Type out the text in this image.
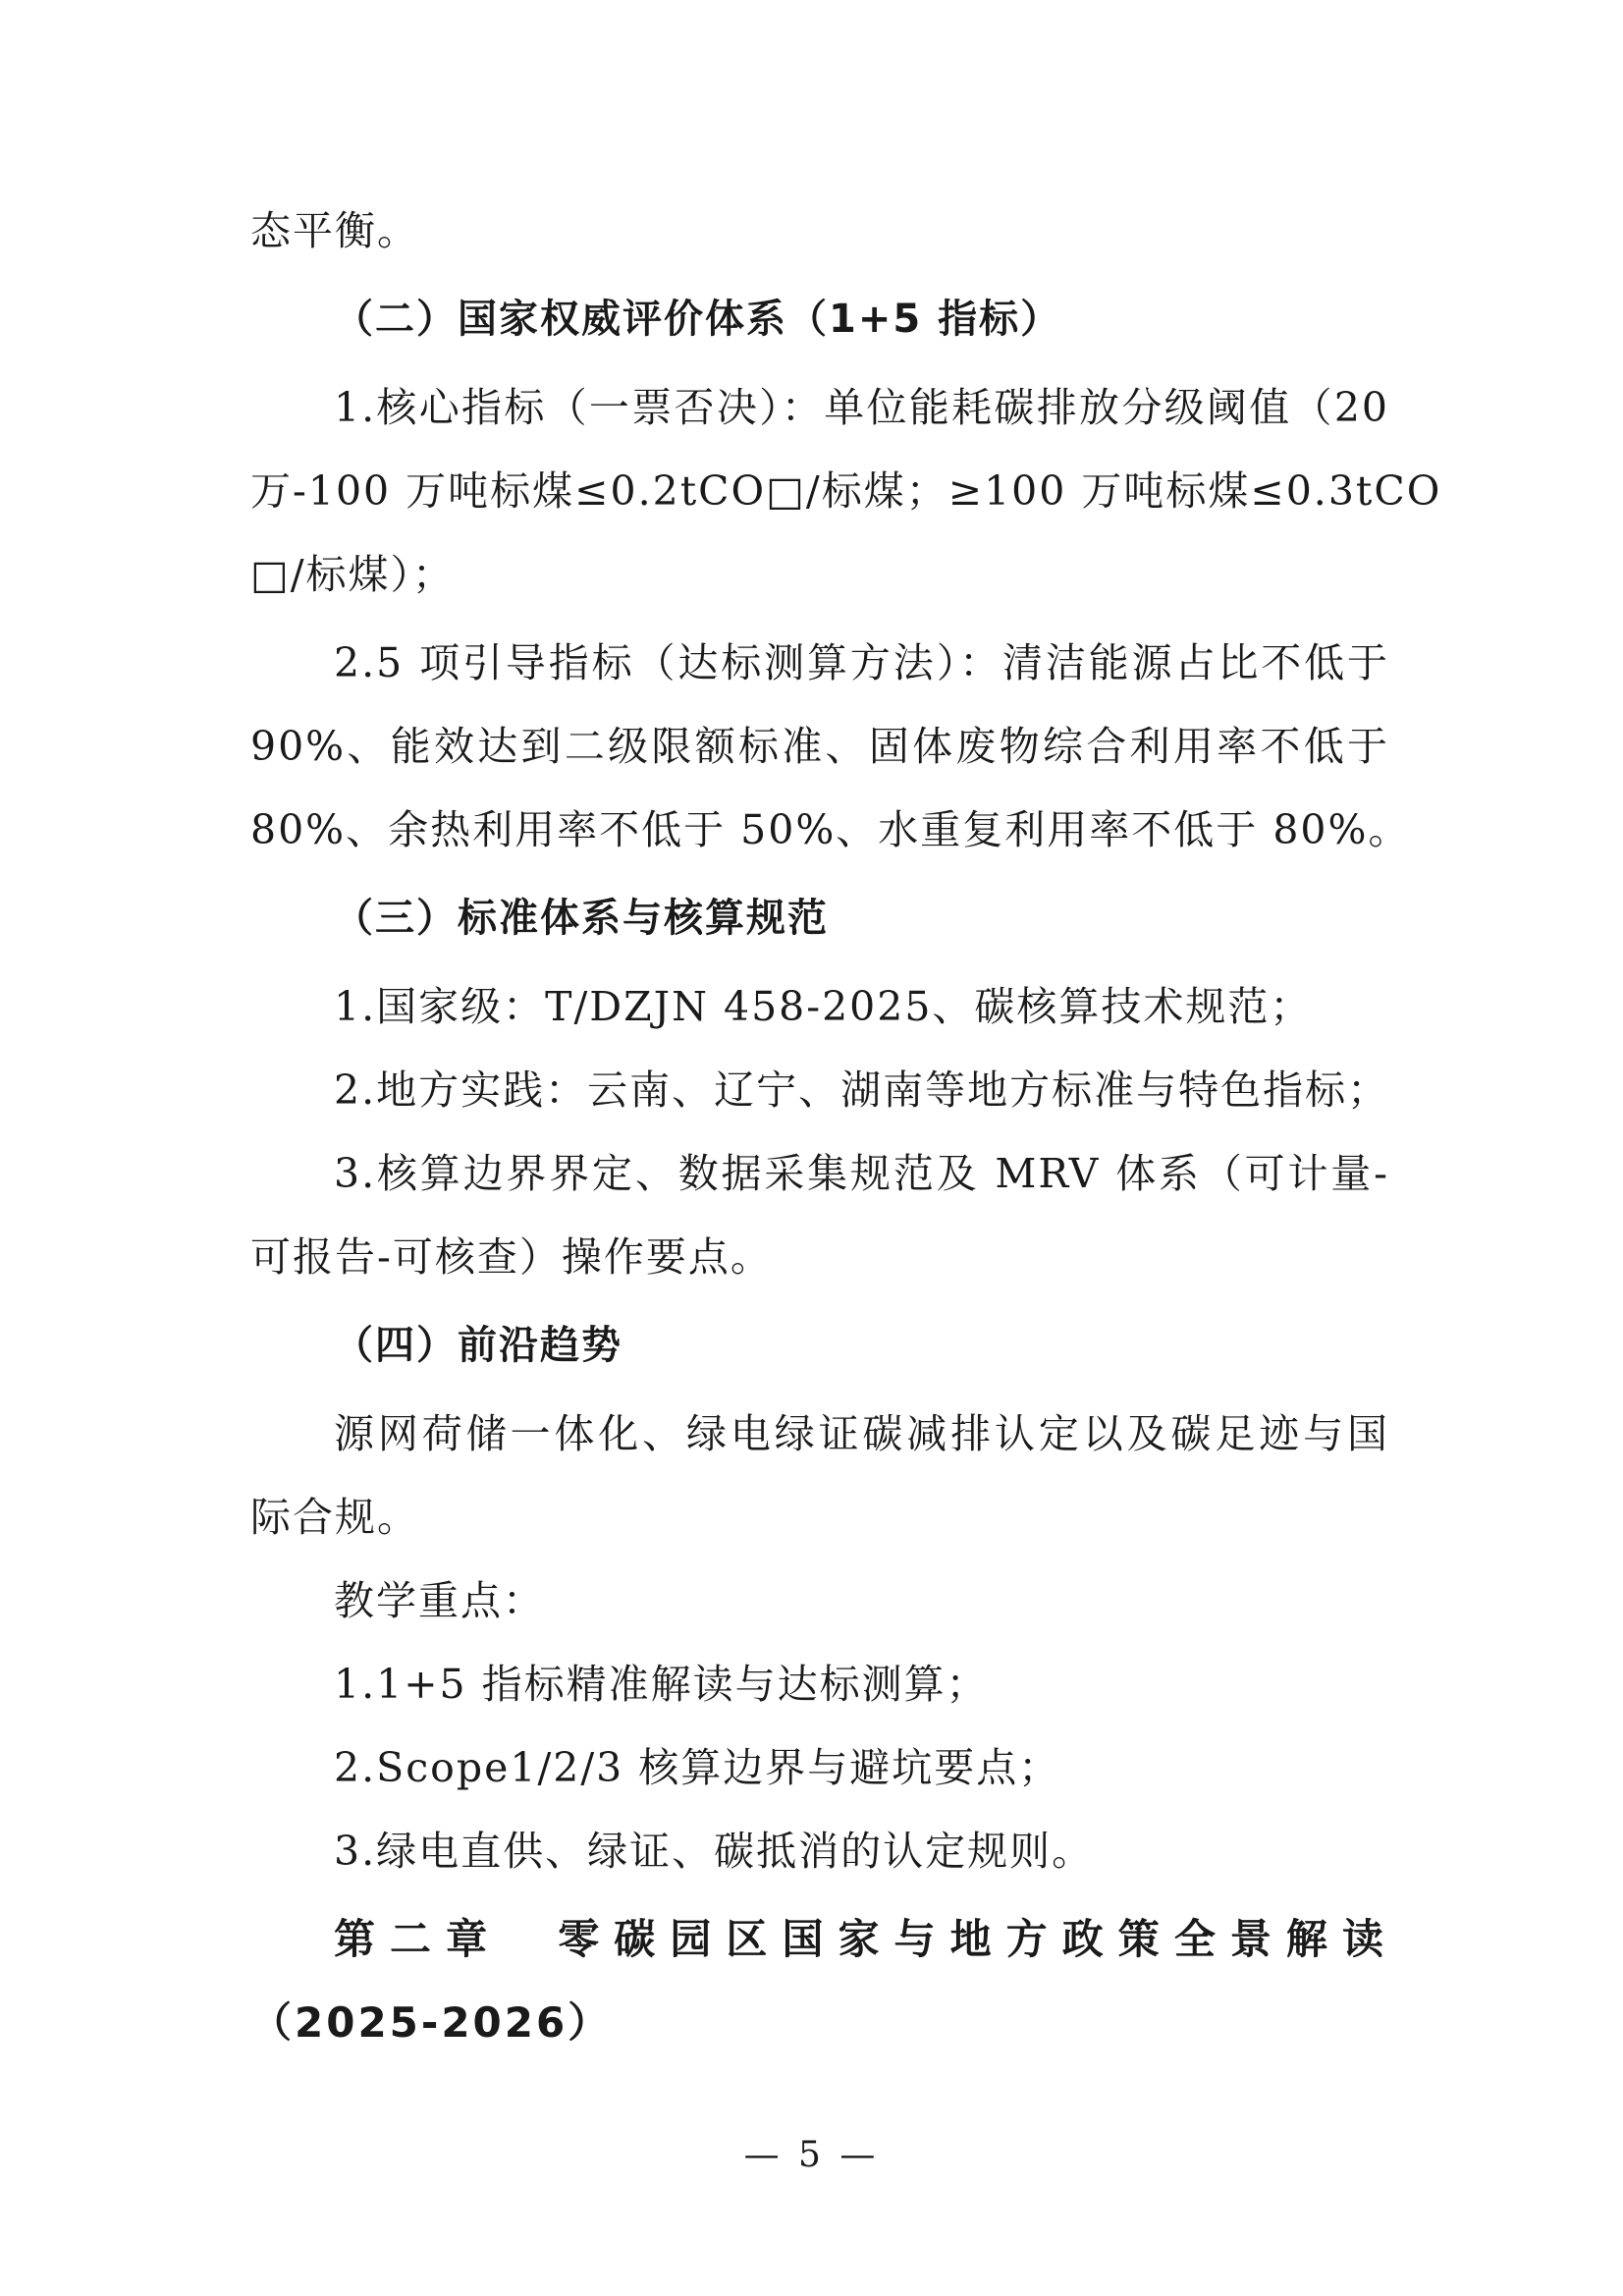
态平衡。
（二）国家权威评价体系（1+5 指标）
1.核心指标（一票否决）：单位能耗碳排放分级阈值（20
万-100 万吨标煤≤0.2tCO□/标煤；≥100 万吨标煤≤0.3tCO
□/标煤）；
2.5 项引导指标（达标测算方法）：清洁能源占比不低于
90%、能效达到二级限额标准、固体废物综合利用率不低于
80%、余热利用率不低于 50%、水重复利用率不低于 80%。
（三）标准体系与核算规范
1.国家级：T/DZJN 458-2025、碳核算技术规范；
2.地方实践：云南、辽宁、湖南等地方标准与特色指标；
3.核算边界界定、数据采集规范及 MRV 体系（可计量-
可报告-可核查）操作要点。
（四）前沿趋势
源网荷储一体化、绿电绿证碳减排认定以及碳足迹与国
际合规。
教学重点：
1.1+5 指标精准解读与达标测算；
2.Scope1/2/3 核算边界与避坑要点；
3.绿电直供、绿证、碳抵消的认定规则。
第二章　零碳园区国家与地方政策全景解读
（2025-2026）
— 5 —
